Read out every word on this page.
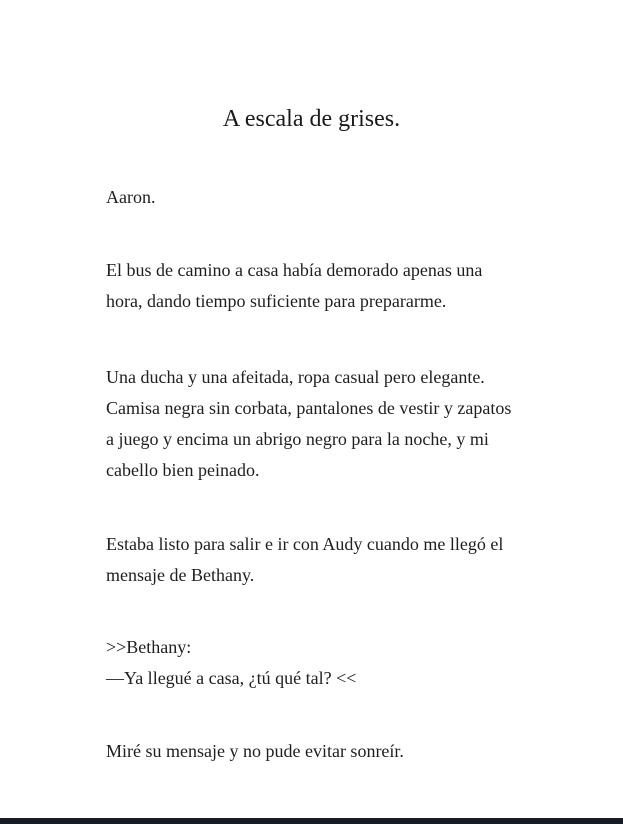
A escala de grises.
Aaron.
El bus de camino a casa había demorado apenas una
hora, dando tiempo suficiente para prepararme.
Una ducha y una afeitada, ropa casual pero elegante.
Camisa negra sin corbata, pantalones de vestir y zapatos
a juego y encima un abrigo negro para la noche, y mi
cabello bien peinado.
Estaba listo para salir e ir con Audy cuando me llegó el
mensaje de Bethany.
>>Bethany:
—Ya llegué a casa, ¿tú qué tal? <<
Miré su mensaje y no pude evitar sonreír.
